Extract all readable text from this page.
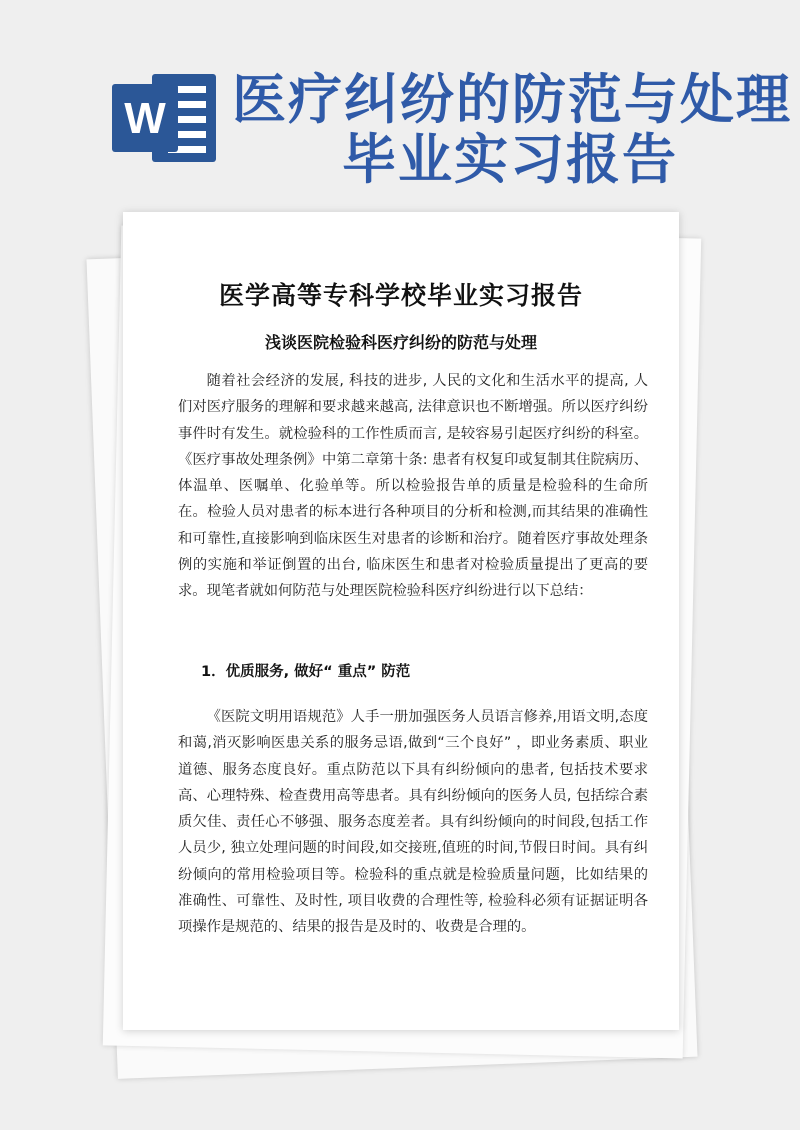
W 医疗纠纷的防范与处理
毕业实习报告
医学高等专科学校毕业实习报告
浅谈医院检验科医疗纠纷的防范与处理

随着社会经济的发展, 科技的进步, 人民的文化和生活水平的提高, 人们对医疗服务的理解和要求越来越高, 法律意识也不断增强。所以医疗纠纷事件时有发生。就检验科的工作性质而言, 是较容易引起医疗纠纷的科室。《医疗事故处理条例》中第二章第十条: 患者有权复印或复制其住院病历、体温单、医嘱单、化验单等。所以检验报告单的质量是检验科的生命所在。检验人员对患者的标本进行各种项目的分析和检测,而其结果的准确性和可靠性,直接影响到临床医生对患者的诊断和治疗。随着医疗事故处理条例的实施和举证倒置的出台, 临床医生和患者对检验质量提出了更高的要求。现笔者就如何防范与处理医院检验科医疗纠纷进行以下总结：

1．优质服务, 做好“ 重点” 防范

《医院文明用语规范》人手一册加强医务人员语言修养,用语文明,态度和蔼,消灭影响医患关系的服务忌语,做到“三个良好” ，即业务素质、职业道德、服务态度良好。重点防范以下具有纠纷倾向的患者, 包括技术要求高、心理特殊、检查费用高等患者。具有纠纷倾向的医务人员, 包括综合素质欠佳、责任心不够强、服务态度差者。具有纠纷倾向的时间段,包括工作人员少, 独立处理问题的时间段,如交接班,值班的时间,节假日时间。具有纠纷倾向的常用检验项目等。检验科的重点就是检验质量问题，比如结果的准确性、可靠性、及时性, 项目收费的合理性等, 检验科必须有证据证明各项操作是规范的、结果的报告是及时的、收费是合理的。
